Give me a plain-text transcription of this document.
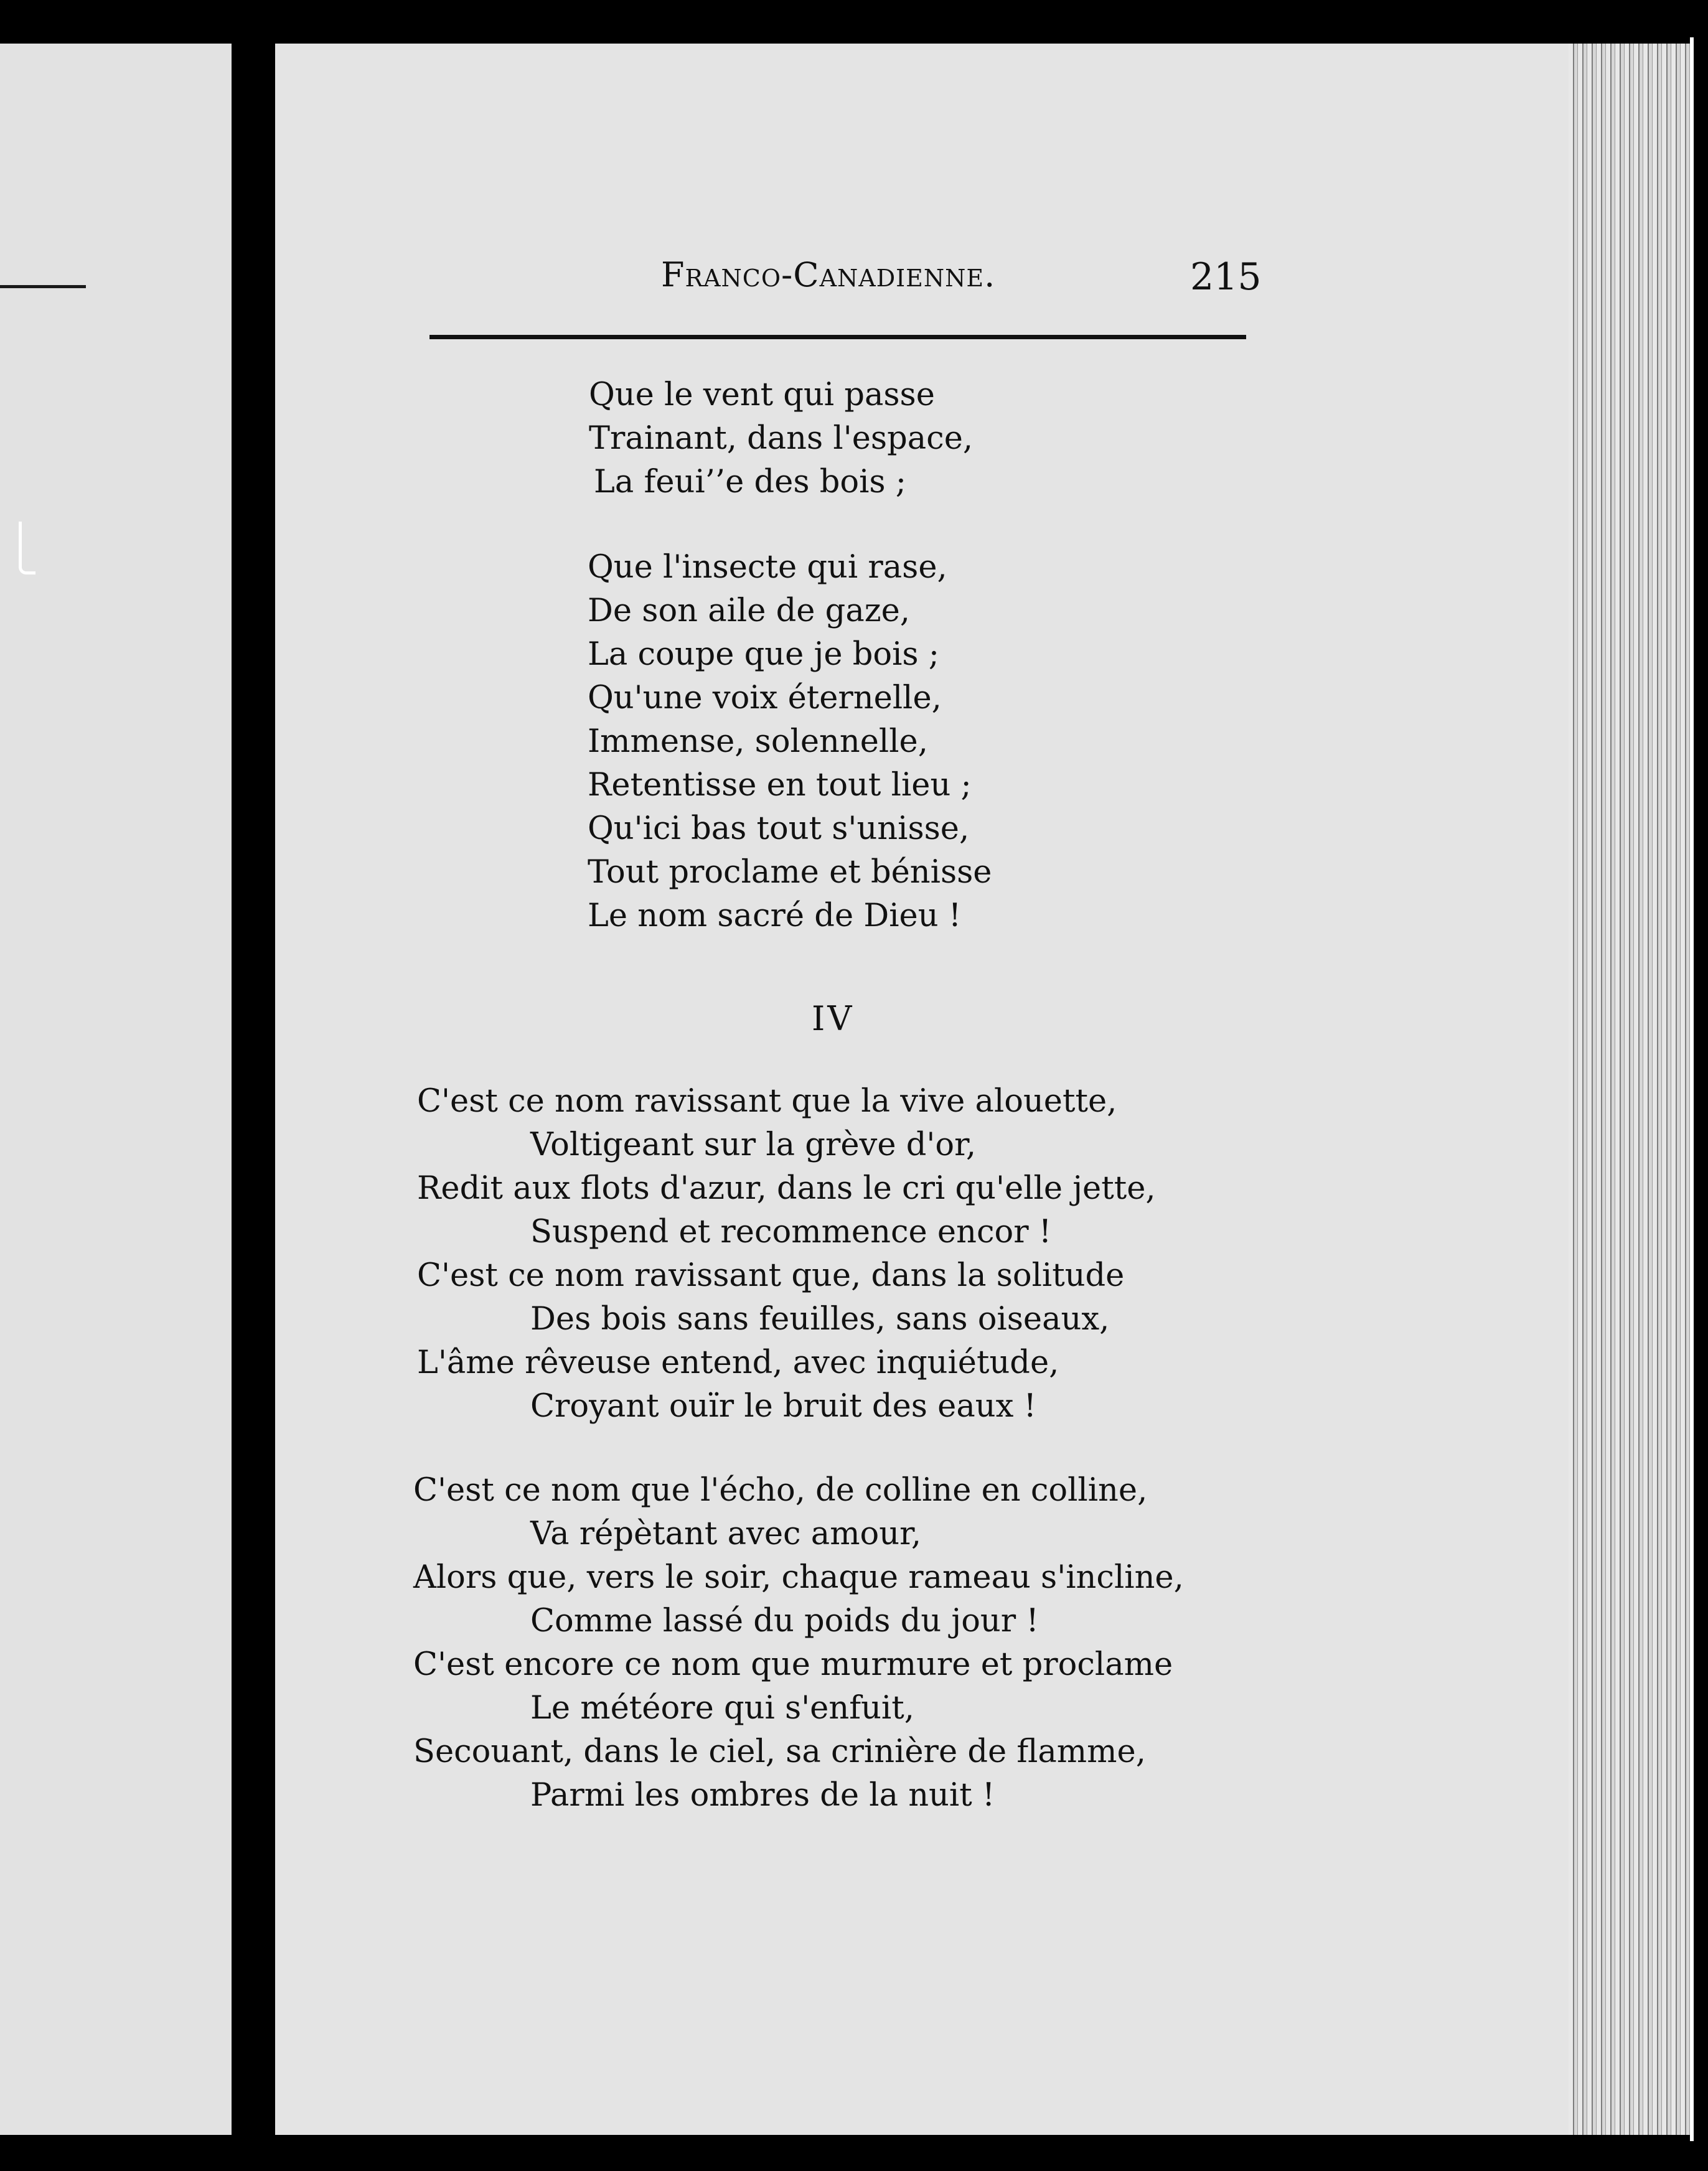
Franco-Canadienne.	215
Que le vent qui passe
Trainant, dans l'espace,
La feui’’e des bois ;
Que l'insecte qui rase,
De son aile de gaze,
La coupe que je bois ;
Qu'une voix éternelle,
Immense, solennelle,
Retentisse en tout lieu ;
Qu'ici bas tout s'unisse,
Tout proclame et bénisse
Le nom sacré de Dieu !
IV
C'est ce nom ravissant que la vive alouette,
Voltigeant sur la grève d'or,
Redit aux flots d'azur, dans le cri qu'elle jette,
Suspend et recommence encor !
C'est ce nom ravissant que, dans la solitude
Des bois sans feuilles, sans oiseaux,
L'âme rêveuse entend, avec inquiétude,
Croyant ouïr le bruit des eaux !
C'est ce nom que l'écho, de colline en colline,
Va répètant avec amour,
Alors que, vers le soir, chaque rameau s'incline,
Comme lassé du poids du jour !
C'est encore ce nom que murmure et proclame
Le météore qui s'enfuit,
Secouant, dans le ciel, sa crinière de flamme,
Parmi les ombres de la nuit !
